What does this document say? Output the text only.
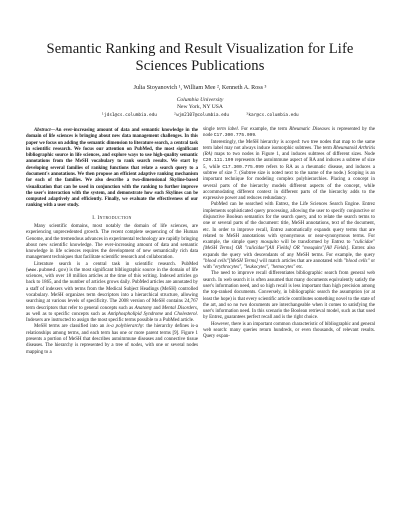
Semantic Ranking and Result Visualization for Life Sciences Publications
Julia Stoyanovich ¹, William Mee ², Kenneth A. Ross ³
Columbia University
New York, NY USA
¹jds1@cs.columbia.edu	²wjm2107@columbia.edu	³kar@cs.columbia.edu

Abstract—An ever-increasing amount of data and semantic knowledge in the domain of life sciences is bringing about new data management challenges. In this paper we focus on adding the semantic dimension to literature search, a central task in scientific research. We focus our attention on PubMed, the most significant bibliographic source in life sciences, and explore ways to use high-quality semantic annotations from the MeSH vocabulary to rank search results. We start by developing several families of ranking functions that relate a search query to a document's annotations. We then propose an efficient adaptive ranking mechanism for each of the families. We also describe a two-dimensional Skyline-based visualization that can be used in conjunction with the ranking to further improve the user's interaction with the system, and demonstrate how such Skylines can be computed adaptively and efficiently. Finally, we evaluate the effectiveness of our ranking with a user study.

I. Introduction

Many scientific domains, most notably the domain of life sciences, are experiencing unprecedented growth. The recent complete sequencing of the Human Genome, and the tremendous advances in experimental technology are rapidly bringing about new scientific knowledge. The ever-increasing amount of data and semantic knowledge in life sciences requires the development of new semantically rich data management techniques that facilitate scientific research and collaboration.

Literature search is a central task in scientific research. PubMed (www.pubmed.gov) is the most significant bibliographic source in the domain of life sciences, with over 18 million articles at the time of this writing. Indexed articles go back to 1865, and the number of articles grows daily. PubMed articles are annotated by a staff of indexers with terms from the Medical Subject Headings (MeSH) controlled vocabulary. MeSH organizes term descriptors into a hierarchical structure, allowing searching at various levels of specificity. The 2008 version of MeSH contains 24,767 term descriptors that refer to general concepts such as Anatomy and Mental Disorders, as well as to specific concepts such as Antiphospholipid Syndrome and Cholesterol. Indexers are instructed to assign the most specific terms possible to a PubMed article.

MeSH terms are classified into an is-a polyhierarchy: the hierarchy defines is-a relationships among terms, and each term has one or more parent terms [9]. Figure 1 presents a portion of MeSH that describes autoimmune diseases and connective tissue diseases. The hierarchy is represented by a tree of nodes, with one or several nodes mapping to a

single term label. For example, the term Rheumatic Diseases is represented by the node C17.300.775.099.

Interestingly, the MeSH hierarchy is scoped: two tree nodes that map to the same term label may not always induce isomorphic subtrees. The term Rheumatoid Arthritis (RA) maps to two nodes in Figure 1, and induces subtrees of different sizes. Node C20.111.199 represents the autoimmune aspect of RA and induces a subtree of size 5, while C17.300.775.099 refers to RA as a rheumatic disease, and induces a subtree of size 7. (Subtree size is noted next to the name of the node.) Scoping is an important technique for modeling complex polyhierarchies. Placing a concept in several parts of the hierarchy models different aspects of the concept, while accommodating different context in different parts of the hierarchy adds to the expressive power and reduces redundancy.

PubMed can be searched with Entrez, the Life Sciences Search Engine. Entrez implements sophisticated query processing, allowing the user to specify conjunctive or disjunctive Boolean semantics for the search query, and to relate the search terms to one or several parts of the document: title, MeSH annotations, text of the document, etc. In order to improve recall, Entrez automatically expands query terms that are related to MeSH annotations with synonymous or near-synonymous terms. For example, the simple query mosquito will be transformed by Entrez to "culicidae"[MeSH Terms] OR "culicidae"[All Fields] OR "mosquito"[All Fields]. Entrez also expands the query with descendants of any MeSH terms. For example, the query "blood cells"[MeSH Terms] will match articles that are annotated with "blood cells" or with "erythrocytes", "leukocytes", "hemocytes" etc.

The need to improve recall differentiates bibliographic search from general web search. In web search it is often assumed that many documents equivalently satisfy the user's information need, and so high recall is less important than high precision among the top-ranked documents. Conversely, in bibliographic search the assumption (or at least the hope) is that every scientific article contributes something novel to the state of the art, and so no two documents are interchangeable when it comes to satisfying the user's information need. In this scenario the Boolean retrieval model, such as that used by Entrez, guarantees perfect recall and is the right choice.

However, there is an important common characteristic of bibliographic and general web search: many queries return hundreds, or even thousands, of relevant results. Query expan-
